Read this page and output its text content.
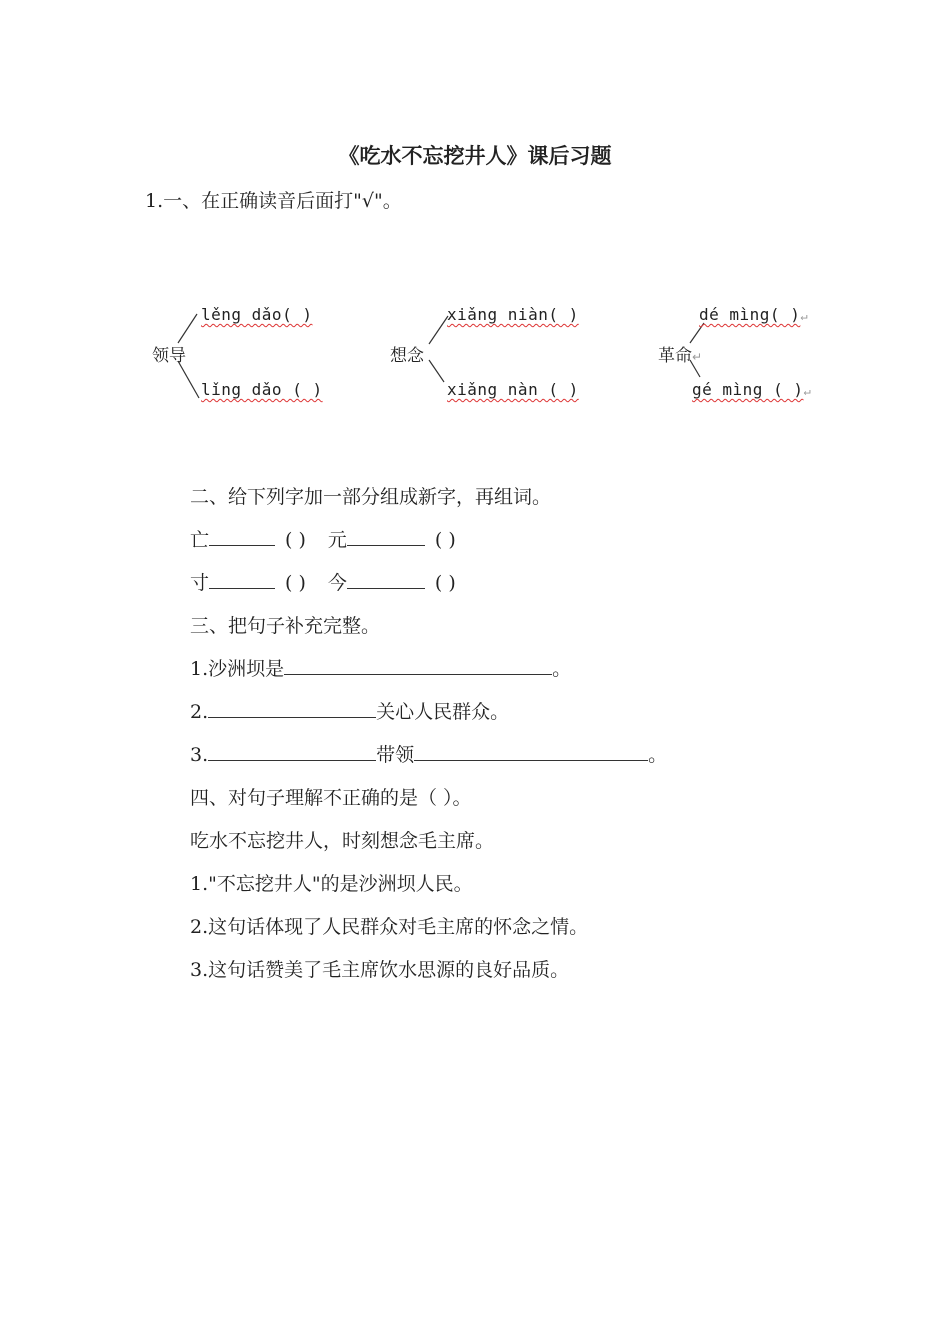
《吃水不忘挖井人》课后习题
1.一、在正确读音后面打"√"。
领导
lěng dǎo( )
lǐng dǎo ( )
想念
xiǎng niàn( )
xiǎng nàn ( )
革命↵
dé mìng( )↵
gé mìng ( )↵
二、给下列字加一部分组成新字，再组词。
亡	( ) 元	( )
寸	( ) 今	( )
三、把句子补充完整。
1.沙洲坝是	。
2.	关心人民群众。
3.	带领	。
四、对句子理解不正确的是（ ）。
吃水不忘挖井人，时刻想念毛主席。
1."不忘挖井人"的是沙洲坝人民。
2.这句话体现了人民群众对毛主席的怀念之情。
3.这句话赞美了毛主席饮水思源的良好品质。
